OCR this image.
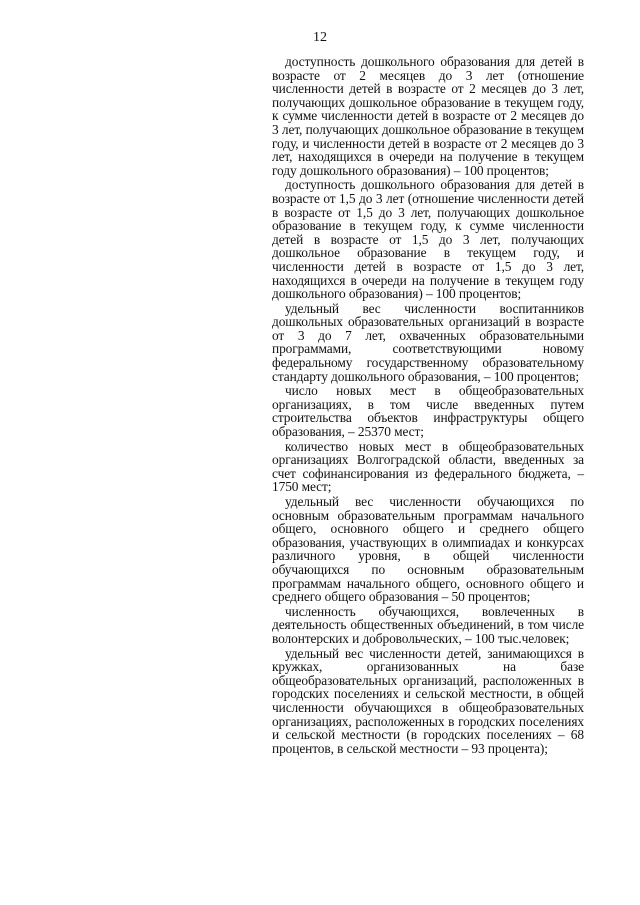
12

доступность дошкольного образования для детей в возрасте от 2 месяцев до 3 лет (отношение численности детей в возрасте от 2 месяцев до 3 лет, получающих дошкольное образование в текущем году, к сумме численности детей в возрасте от 2 месяцев до 3 лет, получающих дошкольное образование в текущем году, и численности детей в возрасте от 2 месяцев до 3 лет, находящихся в очереди на получение в текущем году дошкольного образования) – 100 процентов;

доступность дошкольного образования для детей в возрасте от 1,5 до 3 лет (отношение численности детей в возрасте от 1,5 до 3 лет, получающих дошкольное образование в текущем году, к сумме численности детей в возрасте от 1,5 до 3 лет, получающих дошкольное образование в текущем году, и численности детей в возрасте от 1,5 до 3 лет, находящихся в очереди на получение в текущем году дошкольного образования) – 100 процентов;

удельный вес численности воспитанников дошкольных образовательных организаций в возрасте от 3 до 7 лет, охваченных образовательными программами, соответствующими новому федеральному государственному образовательному стандарту дошкольного образования, – 100 процентов;

число новых мест в общеобразовательных организациях, в том числе введенных путем строительства объектов инфраструктуры общего образования, – 25370 мест;

количество новых мест в общеобразовательных организациях Волгоградской области, введенных за счет софинансирования из федерального бюджета, – 1750 мест;

удельный вес численности обучающихся по основным образовательным программам начального общего, основного общего и среднего общего образования, участвующих в олимпиадах и конкурсах различного уровня, в общей численности обучающихся по основным образовательным программам начального общего, основного общего и среднего общего образования – 50 процентов;

численность обучающихся, вовлеченных в деятельность общественных объединений, в том числе волонтерских и добровольческих, – 100 тыс.человек;

удельный вес численности детей, занимающихся в кружках, организованных на базе общеобразовательных организаций, расположенных в городских поселениях и сельской местности, в общей численности обучающихся в общеобразовательных организациях, расположенных в городских поселениях и сельской местности (в городских поселениях – 68 процентов, в сельской местности – 93 процента);
